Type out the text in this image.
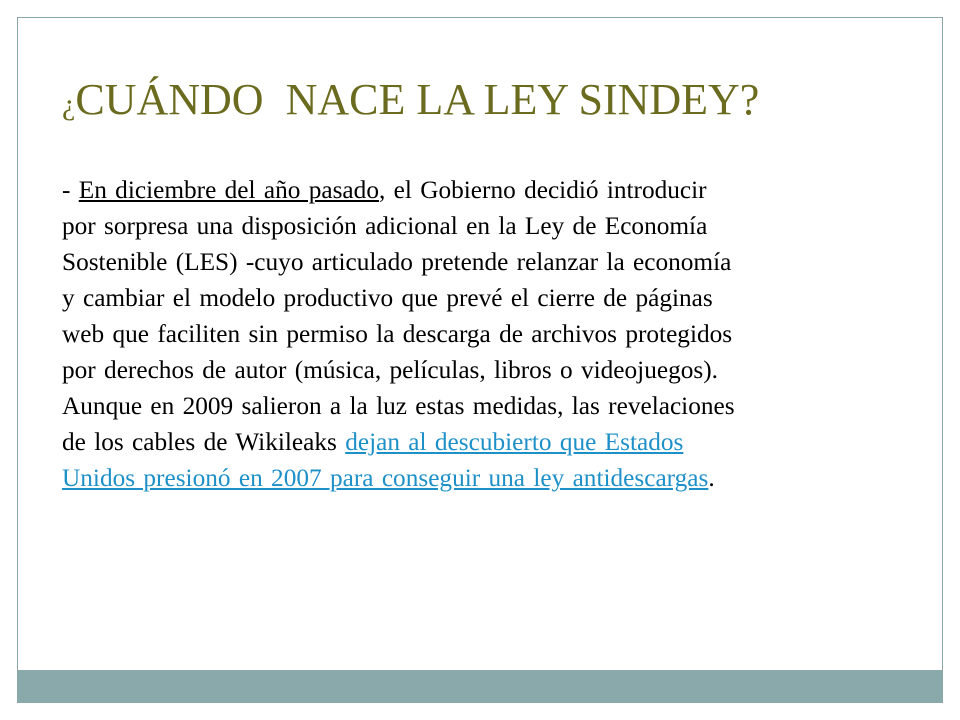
¿CUÁNDO NACE LA LEY SINDEY?
- En diciembre del año pasado, el Gobierno decidió introducir
por sorpresa una disposición adicional en la Ley de Economía
Sostenible (LES) -cuyo articulado pretende relanzar la economía
y cambiar el modelo productivo que prevé el cierre de páginas
web que faciliten sin permiso la descarga de archivos protegidos
por derechos de autor (música, películas, libros o videojuegos).
Aunque en 2009 salieron a la luz estas medidas, las revelaciones
de los cables de Wikileaks dejan al descubierto que Estados
Unidos presionó en 2007 para conseguir una ley antidescargas.
